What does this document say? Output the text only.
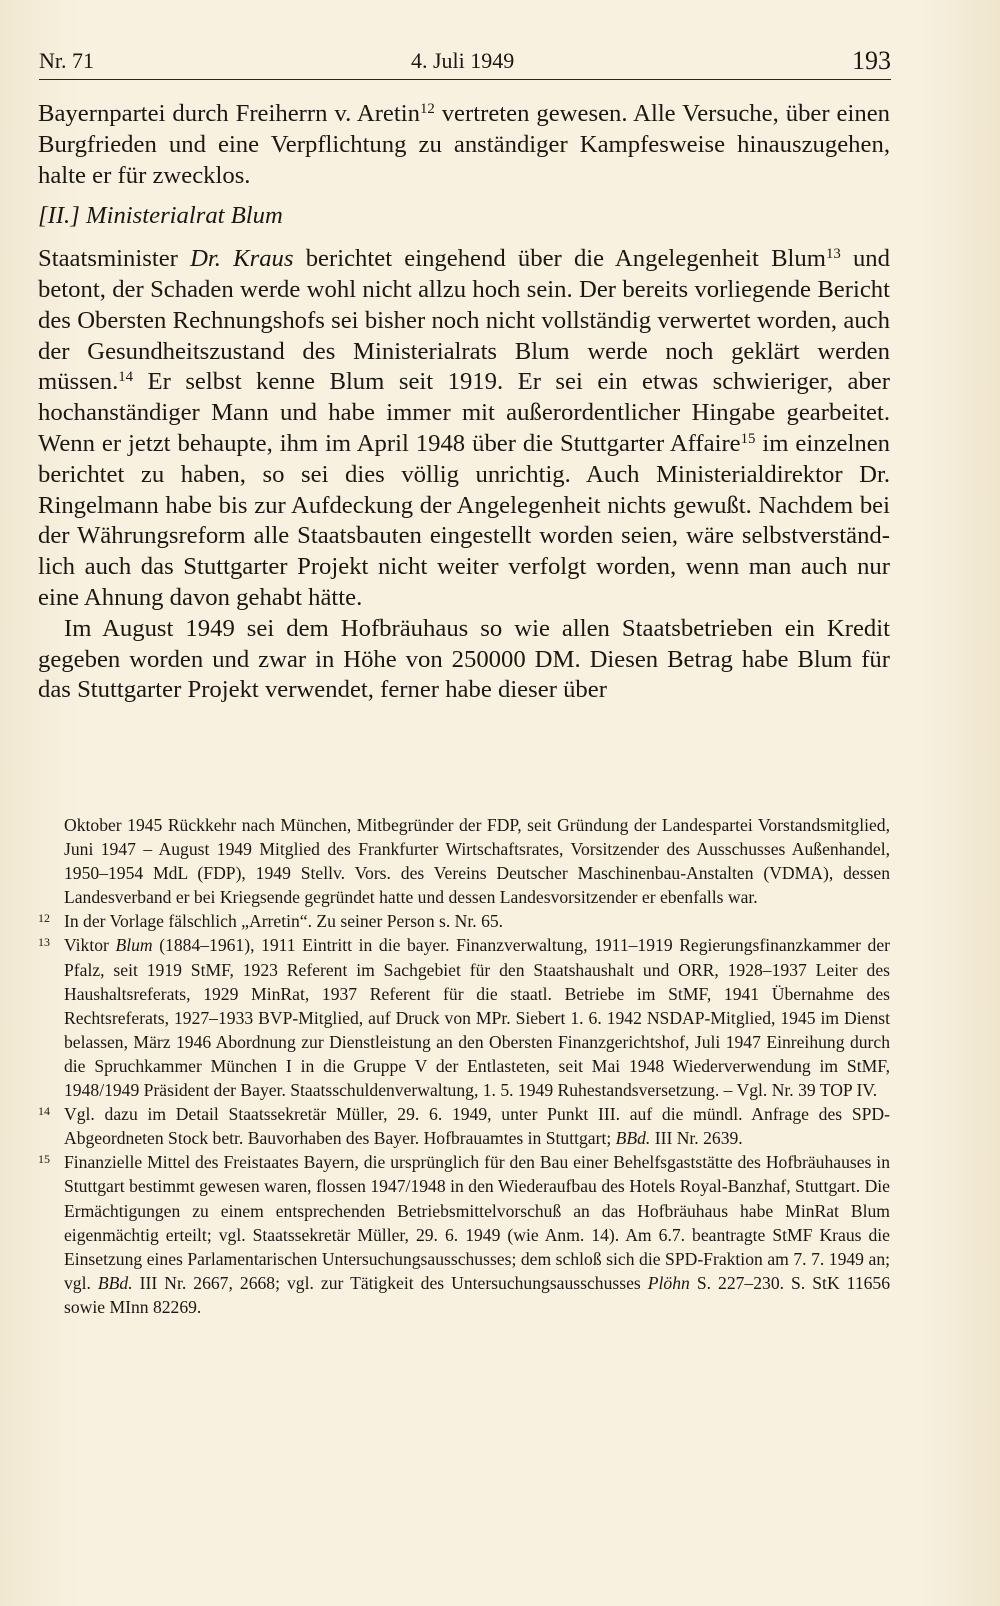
Nr. 71	4. Juli 1949	193

Bayernpartei durch Freiherrn v. Aretin$^{12}$ vertreten gewesen. Alle Versuche, über einen Burgfrieden und eine Verpflichtung zu anständiger Kampfesweise hinauszugehen, halte er für zwecklos.

[II.] Ministerialrat Blum

Staatsminister Dr. Kraus berichtet eingehend über die Angelegenheit Blum$^{13}$ und betont, der Schaden werde wohl nicht allzu hoch sein. Der bereits vorliegende Bericht des Obersten Rechnungshofs sei bisher noch nicht vollständig verwertet worden, auch der Gesundheitszustand des Ministerialrats Blum werde noch geklärt werden müssen.$^{14}$ Er selbst kenne Blum seit 1919. Er sei ein etwas schwieriger, aber hochanständiger Mann und habe immer mit außerordentlicher Hingabe gearbeitet. Wenn er jetzt behaupte, ihm im April 1948 über die Stuttgarter Affaire$^{15}$ im einzelnen berichtet zu haben, so sei dies völlig unrichtig. Auch Ministerialdirektor Dr. Ringelmann habe bis zur Aufdeckung der Angelegenheit nichts gewußt. Nachdem bei der Währungsreform alle Staatsbauten eingestellt worden seien, wäre selbstverständlich auch das Stuttgarter Projekt nicht weiter verfolgt worden, wenn man auch nur eine Ahnung davon gehabt hätte.

Im August 1949 sei dem Hofbräuhaus so wie allen Staatsbetrieben ein Kredit gegeben worden und zwar in Höhe von 250000 DM. Diesen Betrag habe Blum für das Stuttgarter Projekt verwendet, ferner habe dieser über

Oktober 1945 Rückkehr nach München, Mitbegründer der FDP, seit Gründung der Landespartei Vorstandsmitglied, Juni 1947 – August 1949 Mitglied des Frankfurter Wirtschaftsrates, Vorsitzender des Ausschusses Außenhandel, 1950–1954 MdL (FDP), 1949 Stellv. Vors. des Vereins Deutscher Maschinenbau-Anstalten (VDMA), dessen Landesverband er bei Kriegsende gegründet hatte und dessen Landesvorsitzender er ebenfalls war.

12 In der Vorlage fälschlich „Arretin“. Zu seiner Person s. Nr. 65.

13 Viktor Blum (1884–1961), 1911 Eintritt in die bayer. Finanzverwaltung, 1911–1919 Regierungsfinanzkammer der Pfalz, seit 1919 StMF, 1923 Referent im Sachgebiet für den Staatshaushalt und ORR, 1928–1937 Leiter des Haushaltsreferats, 1929 MinRat, 1937 Referent für die staatl. Betriebe im StMF, 1941 Übernahme des Rechtsreferats, 1927–1933 BVP-Mitglied, auf Druck von MPr. Siebert 1. 6. 1942 NSDAP-Mitglied, 1945 im Dienst belassen, März 1946 Abordnung zur Dienstleistung an den Obersten Finanzgerichtshof, Juli 1947 Einreihung durch die Spruchkammer München I in die Gruppe V der Entlasteten, seit Mai 1948 Wiederverwendung im StMF, 1948/1949 Präsident der Bayer. Staatsschuldenverwaltung, 1. 5. 1949 Ruhestandsversetzung. – Vgl. Nr. 39 TOP IV.

14 Vgl. dazu im Detail Staatssekretär Müller, 29. 6. 1949, unter Punkt III. auf die mündl. Anfrage des SPD-Abgeordneten Stock betr. Bauvorhaben des Bayer. Hofbrauamtes in Stuttgart; BBd. III Nr. 2639.

15 Finanzielle Mittel des Freistaates Bayern, die ursprünglich für den Bau einer Behelfsgaststätte des Hofbräuhauses in Stuttgart bestimmt gewesen waren, flossen 1947/1948 in den Wiederaufbau des Hotels Royal-Banzhaf, Stuttgart. Die Ermächtigungen zu einem entsprechenden Betriebsmittelvorschuß an das Hofbräuhaus habe MinRat Blum eigenmächtig erteilt; vgl. Staatssekretär Müller, 29. 6. 1949 (wie Anm. 14). Am 6.7. beantragte StMF Kraus die Einsetzung eines Parlamentarischen Untersuchungsausschusses; dem schloß sich die SPD-Fraktion am 7. 7. 1949 an; vgl. BBd. III Nr. 2667, 2668; vgl. zur Tätigkeit des Untersuchungsausschusses Plöhn S. 227–230. S. StK 11656 sowie MInn 82269.
